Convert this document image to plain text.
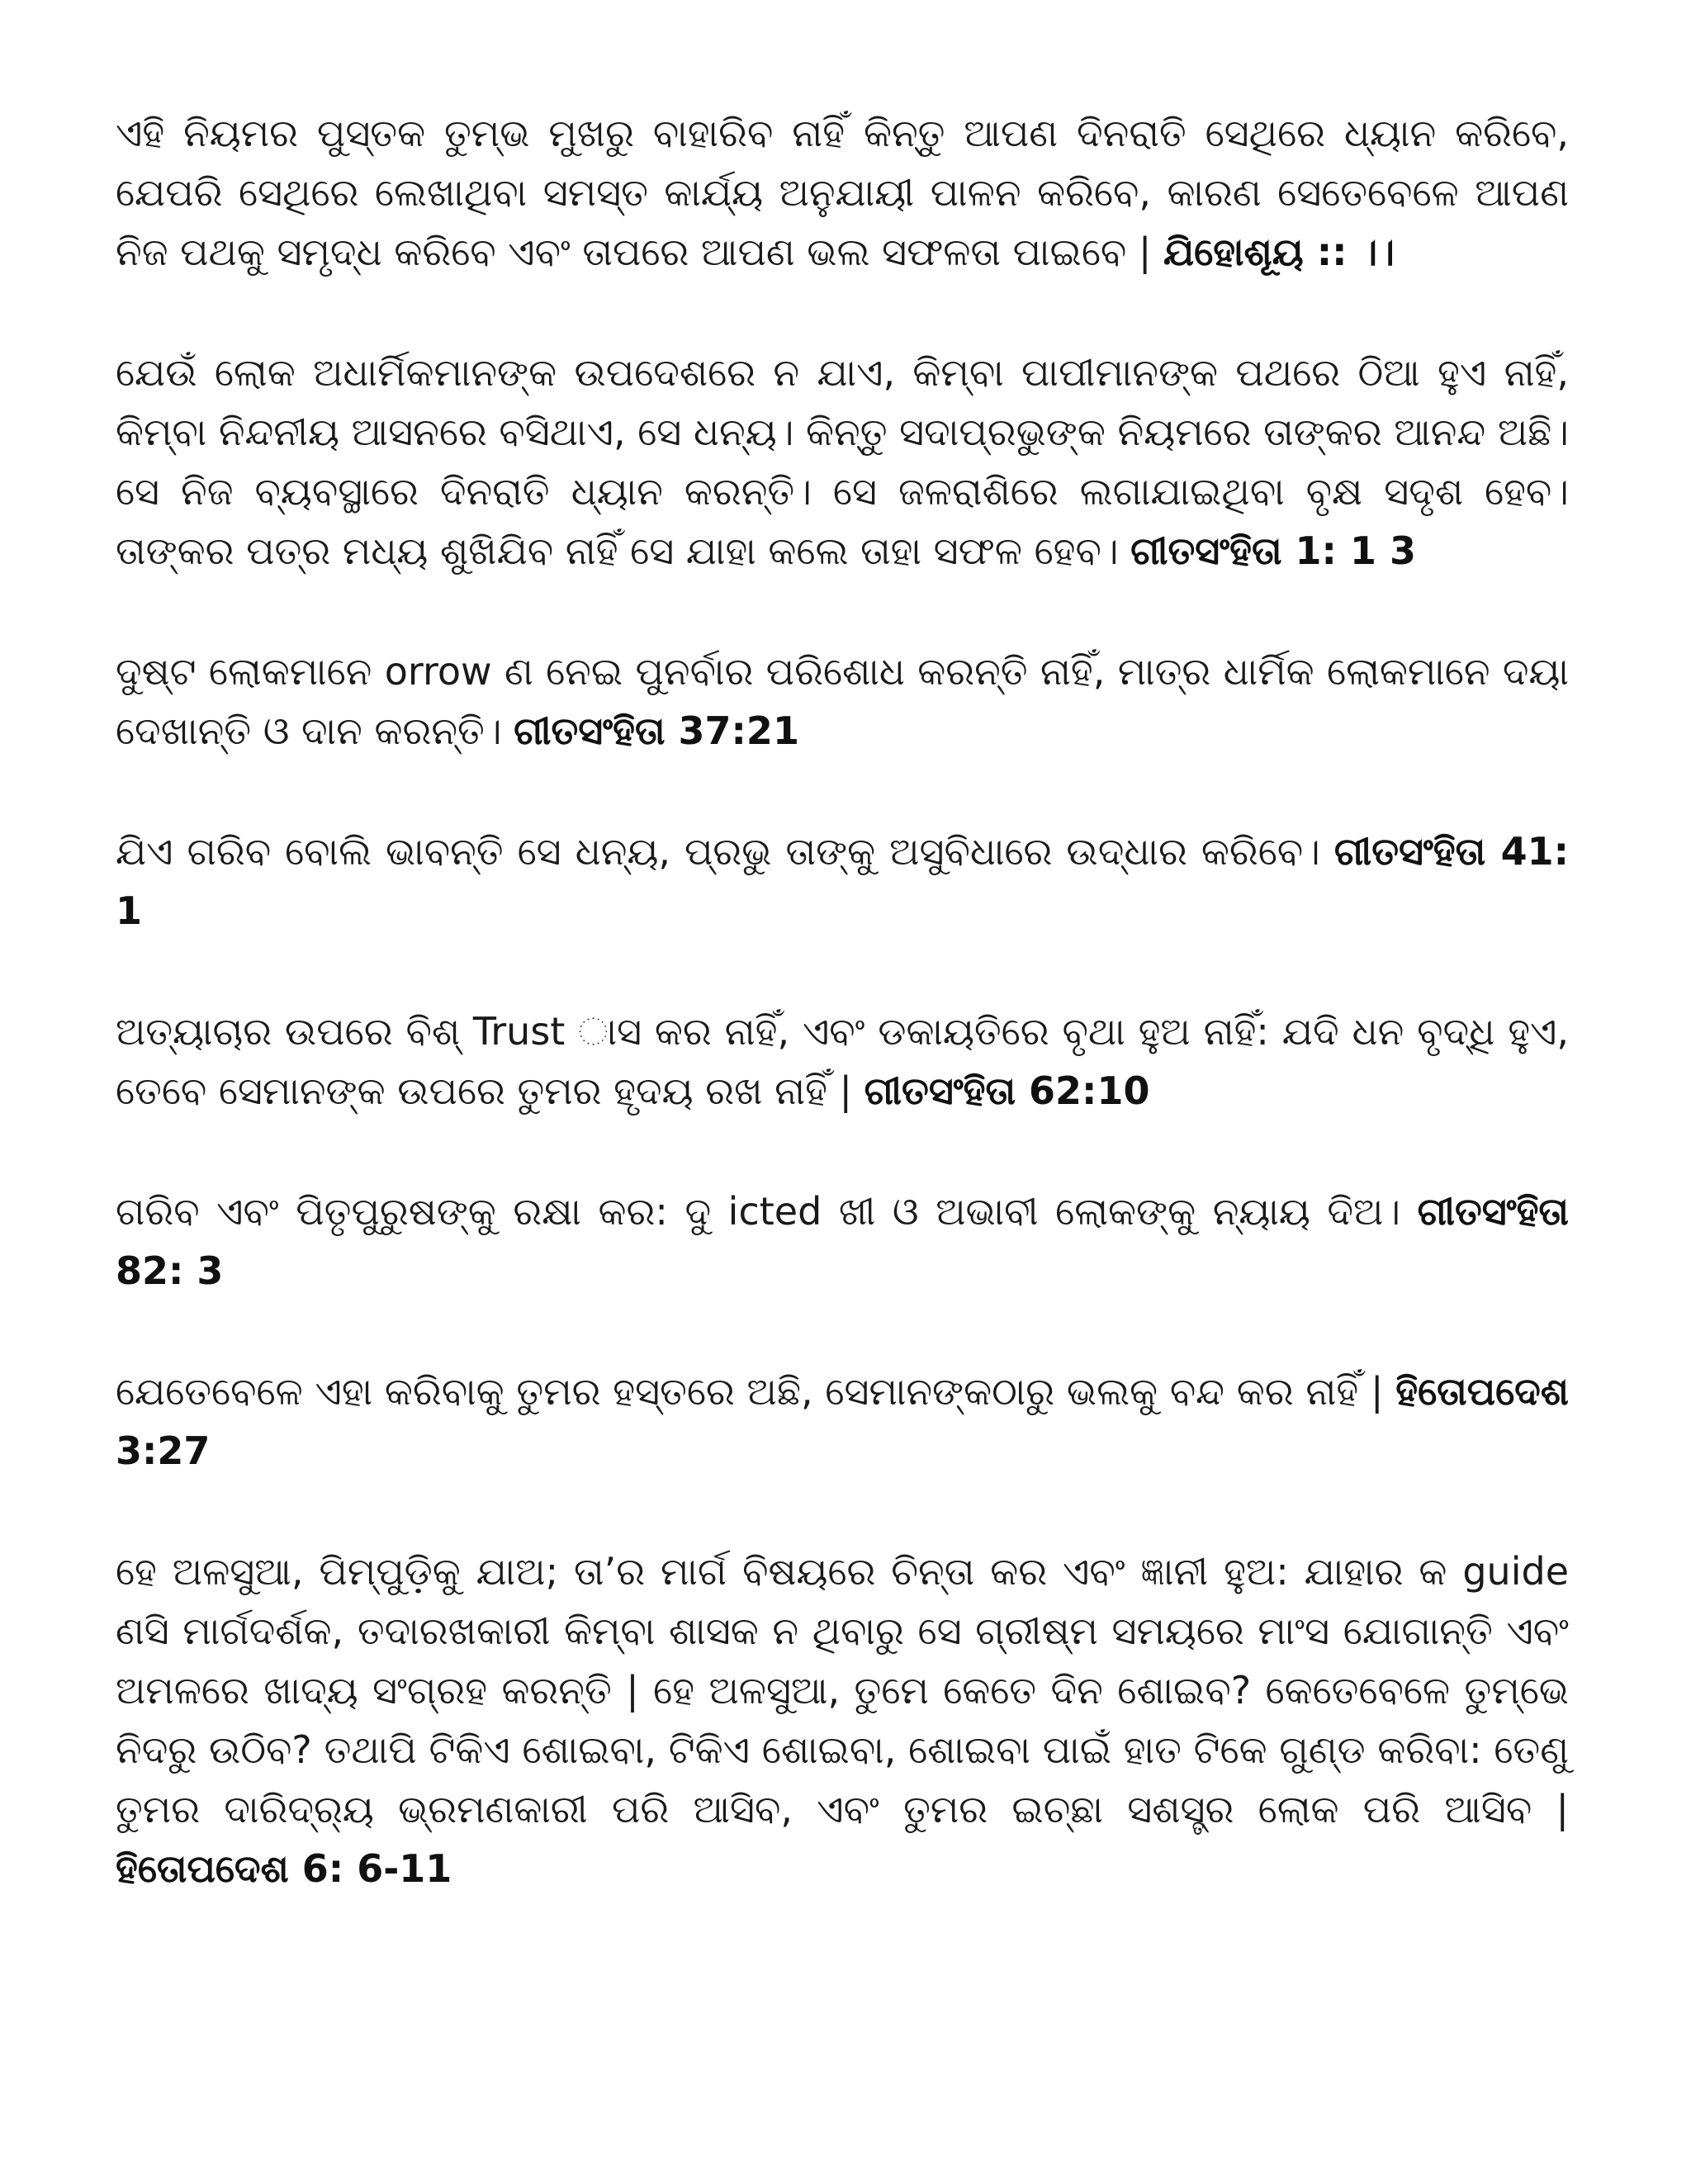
ଏହି ନିୟମର ପୁସ୍ତକ ତୁମ୍ଭ ମୁଖରୁ ବାହାରିବ ନାହିଁ କିନ୍ତୁ ଆପଣ ଦିନରାତି ସେଥିରେ ଧ୍ୟାନ କରିବେ, ଯେପରି ସେଥିରେ ଲେଖାଥିବା ସମସ୍ତ କାର୍ଯ୍ୟ ଅନୁଯାୟୀ ପାଳନ କରିବେ, କାରଣ ସେତେବେଳେ ଆପଣ ନିଜ ପଥକୁ ସମୃଦ୍ଧ କରିବେ ଏବଂ ତାପରେ ଆପଣ ଭଲ ସଫଳତା ପାଇବେ | ଯିହୋଶୂୟ :: ।।

ଯେଉଁ ଲୋକ ଅଧାର୍ମିକମାନଙ୍କ ଉପଦେଶରେ ନ ଯାଏ, କିମ୍ବା ପାପୀମାନଙ୍କ ପଥରେ ଠିଆ ହୁଏ ନାହିଁ, କିମ୍ବା ନିନ୍ଦନୀୟ ଆସନରେ ବସିଥାଏ, ସେ ଧନ୍ୟ। କିନ୍ତୁ ସଦାପ୍ରଭୁଙ୍କ ନିୟମରେ ତାଙ୍କର ଆନନ୍ଦ ଅଛି। ସେ ନିଜ ବ୍ୟବସ୍ଥାରେ ଦିନରାତି ଧ୍ୟାନ କରନ୍ତି। ସେ ଜଳରାଶିରେ ଲଗାଯାଇଥିବା ବୃକ୍ଷ ସଦୃଶ ହେବ। ତାଙ୍କର ପତ୍ର ମଧ୍ୟ ଶୁଖିଯିବ ନାହିଁ ସେ ଯାହା କଲେ ତାହା ସଫଳ ହେବ। ଗୀତସଂହିତା 1: 1 3

ଦୁଷ୍ଟ ଲୋକମାନେ orrow ଣ ନେଇ ପୁନର୍ବାର ପରିଶୋଧ କରନ୍ତି ନାହିଁ, ମାତ୍ର ଧାର୍ମିକ ଲୋକମାନେ ଦୟା ଦେଖାନ୍ତି ଓ ଦାନ କରନ୍ତି। ଗୀତସଂହିତା 37:21

ଯିଏ ଗରିବ ବୋଲି ଭାବନ୍ତି ସେ ଧନ୍ୟ, ପ୍ରଭୁ ତାଙ୍କୁ ଅସୁବିଧାରେ ଉଦ୍ଧାର କରିବେ। ଗୀତସଂହିତା 41: 1

ଅତ୍ୟାଚାର ଉପରେ ବିଶ୍ Trust ାସ କର ନାହିଁ, ଏବଂ ଡକାୟତିରେ ବୃଥା ହୁଅ ନାହିଁ: ଯଦି ଧନ ବୃଦ୍ଧି ହୁଏ, ତେବେ ସେମାନଙ୍କ ଉପରେ ତୁମର ହୃଦୟ ରଖ ନାହିଁ | ଗୀତସଂହିତା 62:10

ଗରିବ ଏବଂ ପିତୃପୁରୁଷଙ୍କୁ ରକ୍ଷା କର: ଦୁ icted ଖୀ ଓ ଅଭାବୀ ଲୋକଙ୍କୁ ନ୍ୟାୟ ଦିଅ। ଗୀତସଂହିତା 82: 3

ଯେତେବେଳେ ଏହା କରିବାକୁ ତୁମର ହସ୍ତରେ ଅଛି, ସେମାନଙ୍କଠାରୁ ଭଲକୁ ବନ୍ଦ କର ନାହିଁ | ହିତୋପଦେଶ 3:27

ହେ ଅଳସୁଆ, ପିମ୍ପୁଡ଼ିକୁ ଯାଅ; ତା’ର ମାର୍ଗ ବିଷୟରେ ଚିନ୍ତା କର ଏବଂ ଜ୍ଞାନୀ ହୁଅ: ଯାହାର କ guide ଣସି ମାର୍ଗଦର୍ଶକ, ତଦାରଖକାରୀ କିମ୍ବା ଶାସକ ନ ଥିବାରୁ ସେ ଗ୍ରୀଷ୍ମ ସମୟରେ ମାଂସ ଯୋଗାନ୍ତି ଏବଂ ଅମଳରେ ଖାଦ୍ୟ ସଂଗ୍ରହ କରନ୍ତି | ହେ ଅଳସୁଆ, ତୁମେ କେତେ ଦିନ ଶୋଇବ? କେତେବେଳେ ତୁମ୍ଭେ ନିଦରୁ ଉଠିବ? ତଥାପି ଟିକିଏ ଶୋଇବା, ଟିକିଏ ଶୋଇବା, ଶୋଇବା ପାଇଁ ହାତ ଟିକେ ଗୁଣ୍ଡ କରିବା: ତେଣୁ ତୁମର ଦାରିଦ୍ର୍ୟ ଭ୍ରମଣକାରୀ ପରି ଆସିବ, ଏବଂ ତୁମର ଇଚ୍ଛା ସଶସ୍ତ୍ର ଲୋକ ପରି ଆସିବ | ହିତୋପଦେଶ 6: 6-11
